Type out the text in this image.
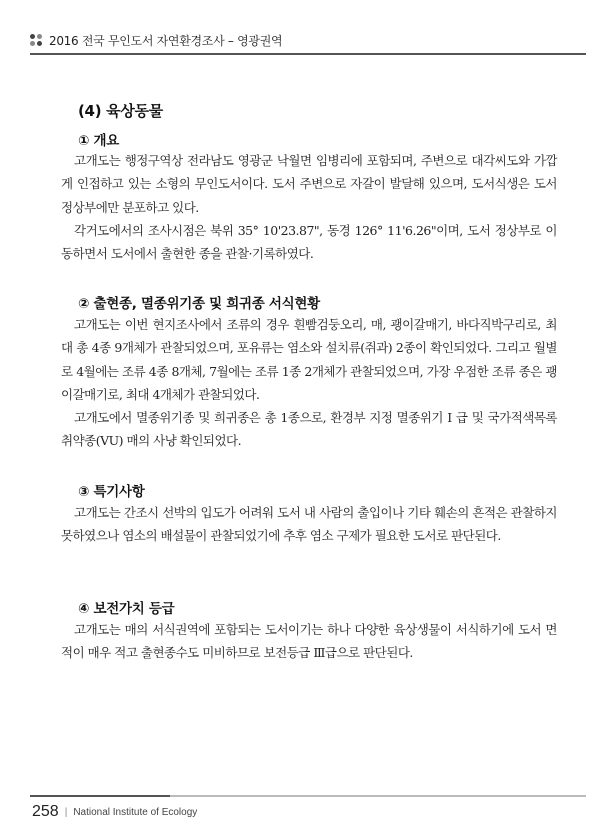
2016 전국 무인도서 자연환경조사 – 영광권역
(4) 육상동물
① 개요

고개도는 행정구역상 전라남도 영광군 낙월면 임병리에 포함되며, 주변으로 대각씨도와 가깝게 인접하고 있는 소형의 무인도서이다. 도서 주변으로 자갈이 발달해 있으며, 도서식생은 도서 정상부에만 분포하고 있다.

각거도에서의 조사시점은 북위 35° 10'23.87", 동경 126° 11'6.26"이며, 도서 정상부로 이동하면서 도서에서 출현한 종을 관찰·기록하였다.

② 출현종, 멸종위기종 및 희귀종 서식현황

고개도는 이번 현지조사에서 조류의 경우 흰빰검둥오리, 매, 괭이갈매기, 바다직박구리로, 최대 총 4종 9개체가 관찰되었으며, 포유류는 염소와 설치류(쥐과) 2종이 확인되었다. 그리고 월별로 4월에는 조류 4종 8개체, 7월에는 조류 1종 2개체가 관찰되었으며, 가장 우점한 조류 종은 괭이갈매기로, 최대 4개체가 관찰되었다.

고개도에서 멸종위기종 및 희귀종은 총 1종으로, 환경부 지정 멸종위기 I 급 및 국가적색목록 취약종(VU) 매의 사냥 확인되었다.

③ 특기사항

고개도는 간조시 선박의 입도가 어려워 도서 내 사람의 출입이나 기타 훼손의 흔적은 관찰하지 못하였으나 염소의 배설물이 관찰되었기에 추후 염소 구제가 필요한 도서로 판단된다.

④ 보전가치 등급

고개도는 매의 서식권역에 포함되는 도서이기는 하나 다양한 육상생물이 서식하기에 도서 면적이 매우 적고 출현종수도 미비하므로 보전등급 Ⅲ급으로 판단된다.

258 | National Institute of Ecology
